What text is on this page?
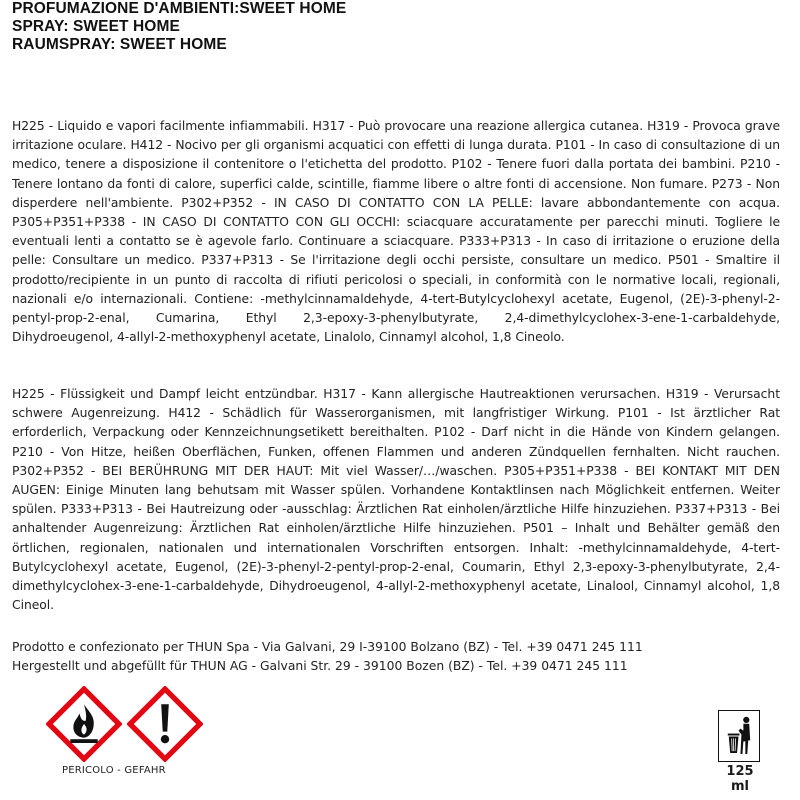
PROFUMAZIONE D'AMBIENTI:SWEET HOME
SPRAY: SWEET HOME
RAUMSPRAY: SWEET HOME
H225 - Liquido e vapori facilmente infiammabili. H317 - Può provocare una reazione allergica cutanea. H319 - Provoca grave irritazione oculare. H412 - Nocivo per gli organismi acquatici con effetti di lunga durata. P101 - In caso di consultazione di un medico, tenere a disposizione il contenitore o l'etichetta del prodotto. P102 - Tenere fuori dalla portata dei bambini. P210 - Tenere lontano da fonti di calore, superfici calde, scintille, fiamme libere o altre fonti di accensione. Non fumare. P273 - Non disperdere nell'ambiente. P302+P352 - IN CASO DI CONTATTO CON LA PELLE: lavare abbondantemente con acqua. P305+P351+P338 - IN CASO DI CONTATTO CON GLI OCCHI: sciacquare accuratamente per parecchi minuti. Togliere le eventuali lenti a contatto se è agevole farlo. Continuare a sciacquare. P333+P313 - In caso di irritazione o eruzione della pelle: Consultare un medico. P337+P313 - Se l'irritazione degli occhi persiste, consultare un medico. P501 - Smaltire il prodotto/recipiente in un punto di raccolta di rifiuti pericolosi o speciali, in conformità con le normative locali, regionali, nazionali e/o internazionali. Contiene: -methylcinnamaldehyde, 4-tert-Butylcyclohexyl acetate, Eugenol, (2E)-3-phenyl-2-pentyl-prop-2-enal, Cumarina, Ethyl 2,3-epoxy-3-phenylbutyrate, 2,4-dimethylcyclohex-3-ene-1-carbaldehyde, Dihydroeugenol, 4-allyl-2-methoxyphenyl acetate, Linalolo, Cinnamyl alcohol, 1,8 Cineolo.
H225 - Flüssigkeit und Dampf leicht entzündbar. H317 - Kann allergische Hautreaktionen verursachen. H319 - Verursacht schwere Augenreizung. H412 - Schädlich für Wasserorganismen, mit langfristiger Wirkung. P101 - Ist ärztlicher Rat erforderlich, Verpackung oder Kennzeichnungsetikett bereithalten. P102 - Darf nicht in die Hände von Kindern gelangen. P210 - Von Hitze, heißen Oberflächen, Funken, offenen Flammen und anderen Zündquellen fernhalten. Nicht rauchen. P302+P352 - BEI BERÜHRUNG MIT DER HAUT: Mit viel Wasser/…/waschen. P305+P351+P338 - BEI KONTAKT MIT DEN AUGEN: Einige Minuten lang behutsam mit Wasser spülen. Vorhandene Kontaktlinsen nach Möglichkeit entfernen. Weiter spülen. P333+P313 - Bei Hautreizung oder -ausschlag: Ärztlichen Rat einholen/ärztliche Hilfe hinzuziehen. P337+P313 - Bei anhaltender Augenreizung: Ärztlichen Rat einholen/ärztliche Hilfe hinzuziehen. P501 – Inhalt und Behälter gemäß den örtlichen, regionalen, nationalen und internationalen Vorschriften entsorgen. Inhalt: -methylcinnamaldehyde, 4-tert-Butylcyclohexyl acetate, Eugenol, (2E)-3-phenyl-2-pentyl-prop-2-enal, Coumarin, Ethyl 2,3-epoxy-3-phenylbutyrate, 2,4-dimethylcyclohex-3-ene-1-carbaldehyde, Dihydroeugenol, 4-allyl-2-methoxyphenyl acetate, Linalool, Cinnamyl alcohol, 1,8 Cineol.
Prodotto e confezionato per THUN Spa - Via Galvani, 29 I-39100 Bolzano (BZ) - Tel. +39 0471 245 111
Hergestellt und abgefüllt für THUN AG - Galvani Str. 29 - 39100 Bozen (BZ) - Tel. +39 0471 245 111
PERICOLO - GEFAHR	125
ml
